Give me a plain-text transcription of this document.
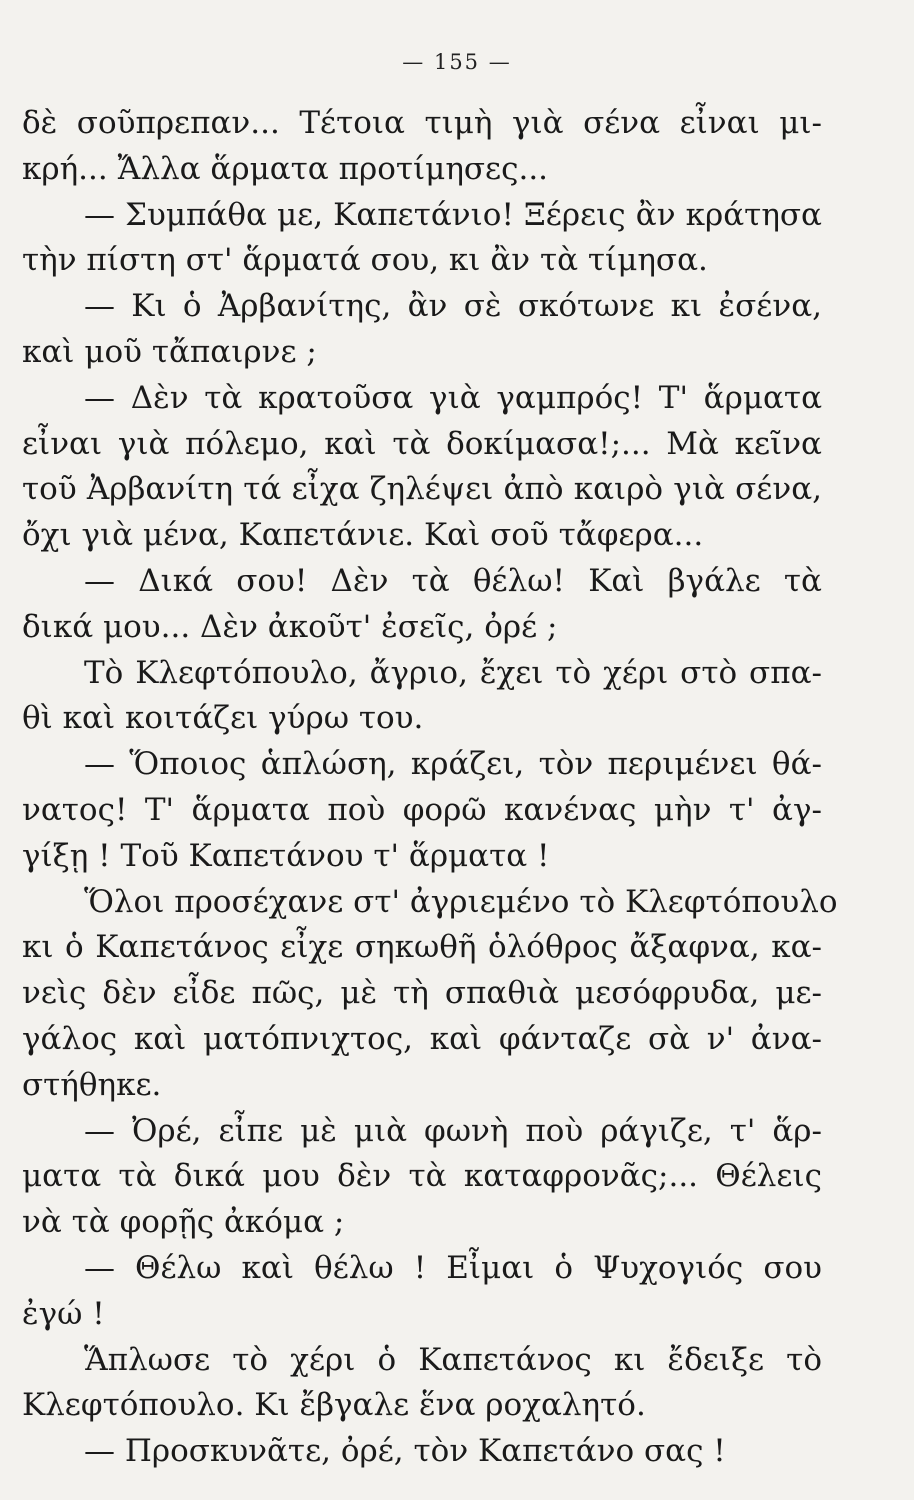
— 155 —
δὲ σοῦπρεπαν... Τέτοια τιμὴ γιὰ σένα εἶναι μι-
κρή... Ἄλλα ἅρματα προτίμησες...
— Συμπάθα με, Καπετάνιο! Ξέρεις ἂν κράτησα
τὴν πίστη στ' ἅρματά σου, κι ἂν τὰ τίμησα.
— Κι ὁ Ἀρβανίτης, ἂν σὲ σκότωνε κι ἐσένα,
καὶ μοῦ τἄπαιρνε ;
— Δὲν τὰ κρατοῦσα γιὰ γαμπρός! Τ' ἅρματα
εἶναι γιὰ πόλεμο, καὶ τὰ δοκίμασα!;... Μὰ κεῖνα
τοῦ Ἀρβανίτη τά εἶχα ζηλέψει ἀπὸ καιρὸ γιὰ σένα,
ὄχι γιὰ μένα, Καπετάνιε. Καὶ σοῦ τἄφερα...
— Δικά σου! Δὲν τὰ θέλω! Καὶ βγάλε τὰ
δικά μου... Δὲν ἀκοῦτ' ἐσεῖς, ὀρέ ;
Τὸ Κλεφτόπουλο, ἄγριο, ἔχει τὸ χέρι στὸ σπα-
θὶ καὶ κοιτάζει γύρω του.
— Ὅποιος ἁπλώση, κράζει, τὸν περιμένει θά-
νατος! Τ' ἅρματα ποὺ φορῶ κανένας μὴν τ' ἀγ-
γίξῃ ! Τοῦ Καπετάνου τ' ἅρματα !
Ὅλοι προσέχανε στ' ἀγριεμένο τὸ Κλεφτόπουλο
κι ὁ Καπετάνος εἶχε σηκωθῆ ὁλόθρος ἄξαφνα, κα-
νεὶς δὲν εἶδε πῶς, μὲ τὴ σπαθιὰ μεσόφρυδα, με-
γάλος καὶ ματόπνιχτος, καὶ φάνταζε σὰ ν' ἀνα-
στήθηκε.
— Ὀρέ, εἶπε μὲ μιὰ φωνὴ ποὺ ράγιζε, τ' ἅρ-
ματα τὰ δικά μου δὲν τὰ καταφρονᾶς;... Θέλεις
νὰ τὰ φορῇς ἀκόμα ;
— Θέλω καὶ θέλω ! Εἶμαι ὁ Ψυχογιός σου
ἐγώ !
Ἅπλωσε τὸ χέρι ὁ Καπετάνος κι ἔδειξε τὸ
Κλεφτόπουλο. Κι ἔβγαλε ἕνα ροχαλητό.
— Προσκυνᾶτε, ὀρέ, τὸν Καπετάνο σας !
